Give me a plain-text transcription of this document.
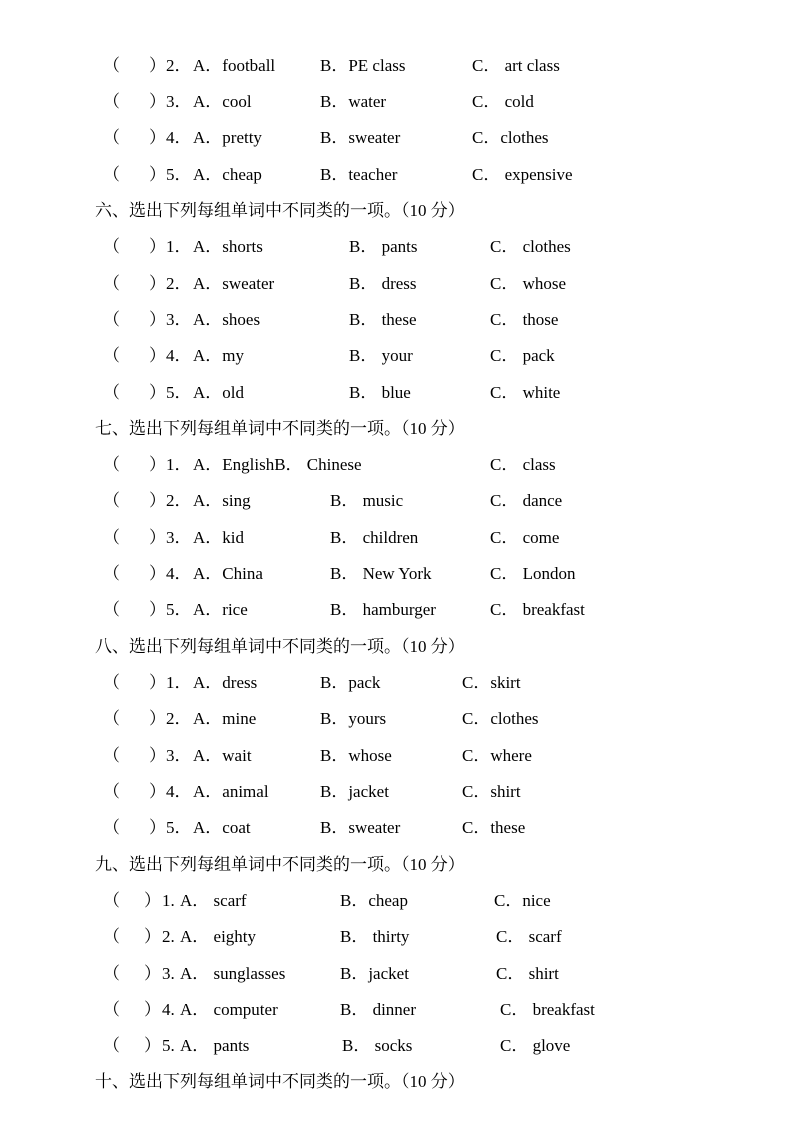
（ ） 2． A．football	B．PE class	C． art class
（ ） 3． A．cool	B．water	C． cold
（ ） 4． A．pretty	B．sweater	C．clothes
（ ） 5． A．cheap	B．teacher	C． expensive
六、选出下列每组单词中不同类的一项。（10 分）
（ ） 1． A．shorts	B． pants	C． clothes
（ ） 2． A．sweater	B． dress	C． whose
（ ） 3． A．shoes	B． these	C． those
（ ） 4． A．my	B． your	C． pack
（ ） 5． A．old	B． blue	C． white
七、选出下列每组单词中不同类的一项。（10 分）
（ ） 1． A．EnglishB． Chinese	C． class
（ ） 2． A．sing	B． music	C． dance
（ ） 3． A．kid	B． children	C． come
（ ） 4． A．China	B． New York	C． London
（ ） 5． A．rice	B． hamburger	C． breakfast
八、选出下列每组单词中不同类的一项。（10 分）
（ ） 1． A．dress	B．pack	C．skirt
（ ） 2． A．mine	B．yours	C．clothes
（ ） 3． A．wait	B．whose	C．where
（ ） 4． A．animal	B．jacket	C．shirt
（ ） 5． A．coat	B．sweater	C．these
九、选出下列每组单词中不同类的一项。（10 分）
（ ） 1. A． scarf	B．cheap	C．nice
（ ） 2. A． eighty	B． thirty	C． scarf
（ ） 3. A． sunglasses	B．jacket	C． shirt
（ ） 4. A． computer	B． dinner	C． breakfast
（ ） 5. A． pants	B． socks	C． glove
十、选出下列每组单词中不同类的一项。（10 分）
